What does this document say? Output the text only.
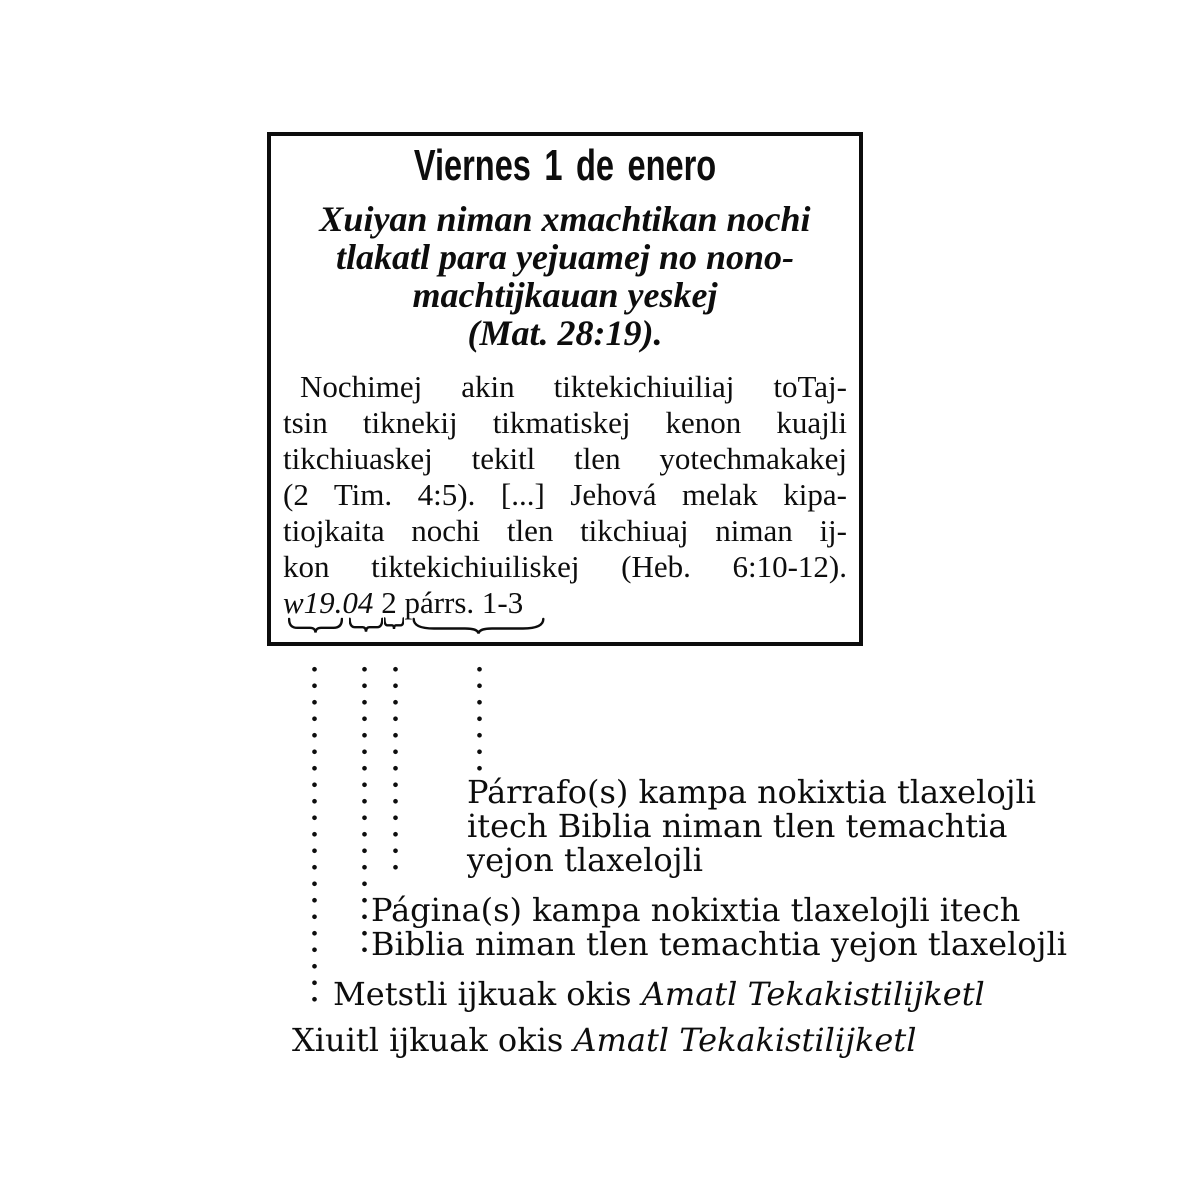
Viernes 1 de enero
Xuiyan niman xmachtikan nochi
tlakatl para yejuamej no nono-
machtijkauan yeskej
(Mat. 28:19).
Nochimej akin tiktekichiuiliaj toTaj-
tsin tiknekij tikmatiskej kenon kuajli
tikchiuaskej tekitl tlen yotechmakakej
(2 Tim. 4:5). [...] Jehová melak kipa-
tiojkaita nochi tlen tikchiuaj niman ij-
kon tiktekichiuiliskej (Heb. 6:10-12).
w19.04 2 párrs. 1-3
Párrafo(s) kampa nokixtia tlaxelojli
itech Biblia niman tlen temachtia
yejon tlaxelojli
Página(s) kampa nokixtia tlaxelojli itech
Biblia niman tlen temachtia yejon tlaxelojli
Metstli ijkuak okis Amatl Tekakistilijketl
Xiuitl ijkuak okis Amatl Tekakistilijketl
